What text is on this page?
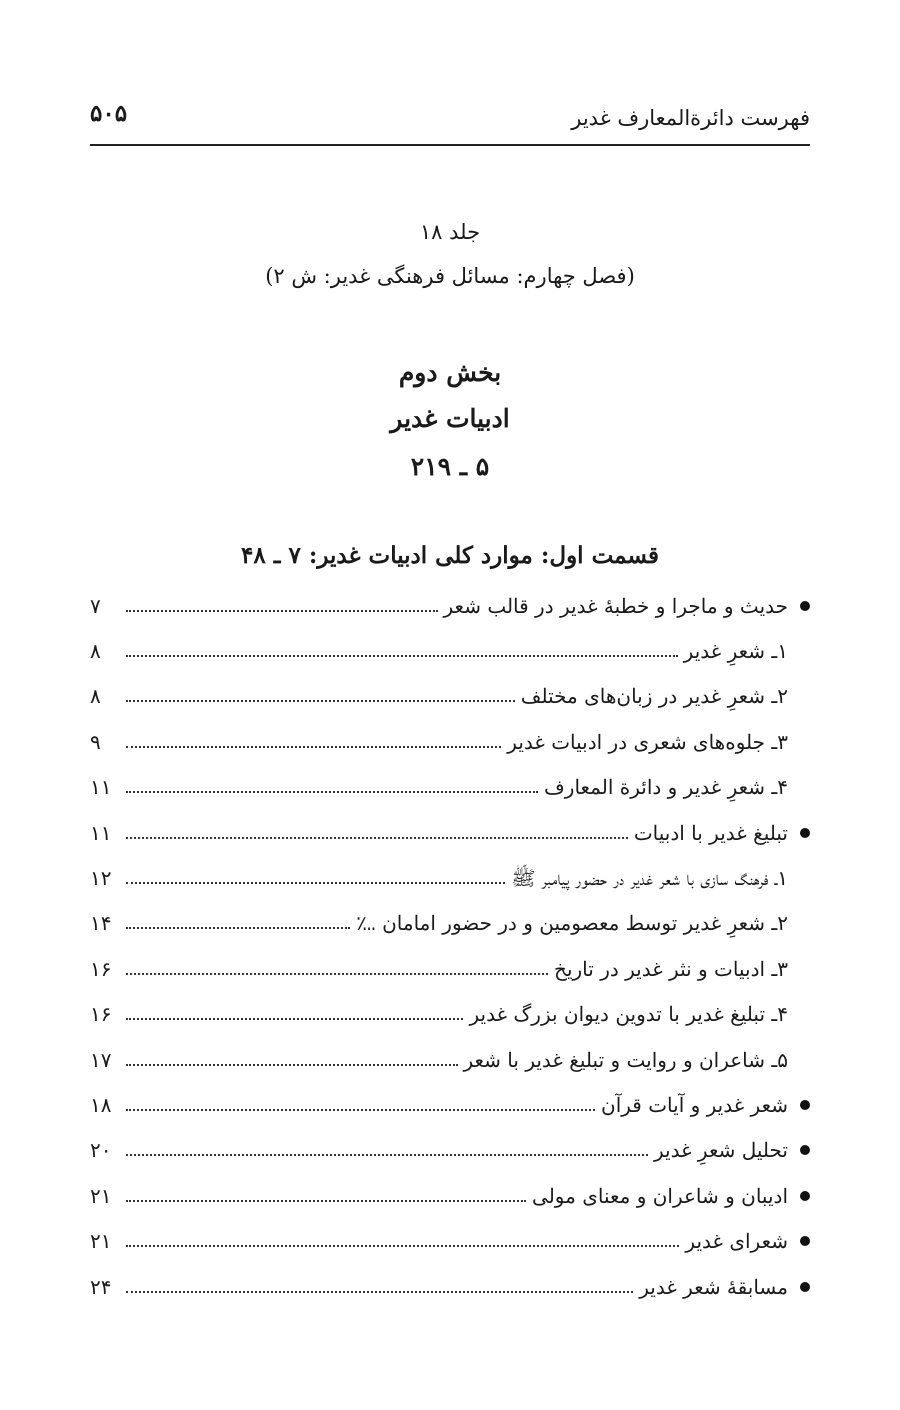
فهرست دائرةالمعارف غدیر
۵۰۵
جلد ۱۸
(فصل چهارم: مسائل فرهنگی غدیر: ش ۲)
بخش دوم
ادبیات غدیر
۵ ـ ۲۱۹
قسمت اول: موارد کلی ادبیات غدیر: ۷ ـ ۴۸
حدیث و ماجرا و خطبهٔ غدیر در قالب شعر
۷
۱ـ شعرِ غدیر
۸
۲ـ شعرِ غدیر در زبان‌های مختلف
۸
۳ـ جلوه‌های شعری در ادبیات غدیر
۹
۴ـ شعرِ غدیر و دائرة المعارف
۱۱
تبلیغ غدیر با ادبیات
۱۱
۱ـ فرهنگ سازی با شعر غدیر در حضور پیامبر ﷺ
۱۲
۲ـ شعرِ غدیر توسط معصومین و در حضور امامان ؊
۱۴
۳ـ ادبیات و نثر غدیر در تاریخ
۱۶
۴ـ تبلیغ غدیر با تدوین دیوان بزرگ غدیر
۱۶
۵ـ شاعران و روایت و تبلیغ غدیر با شعر
۱۷
شعر غدیر و آیات قرآن
۱۸
تحلیل شعرِ غدیر
۲۰
ادیبان و شاعران و معنای مولی
۲۱
شعرای غدیر
۲۱
مسابقهٔ شعر غدیر
۲۴
